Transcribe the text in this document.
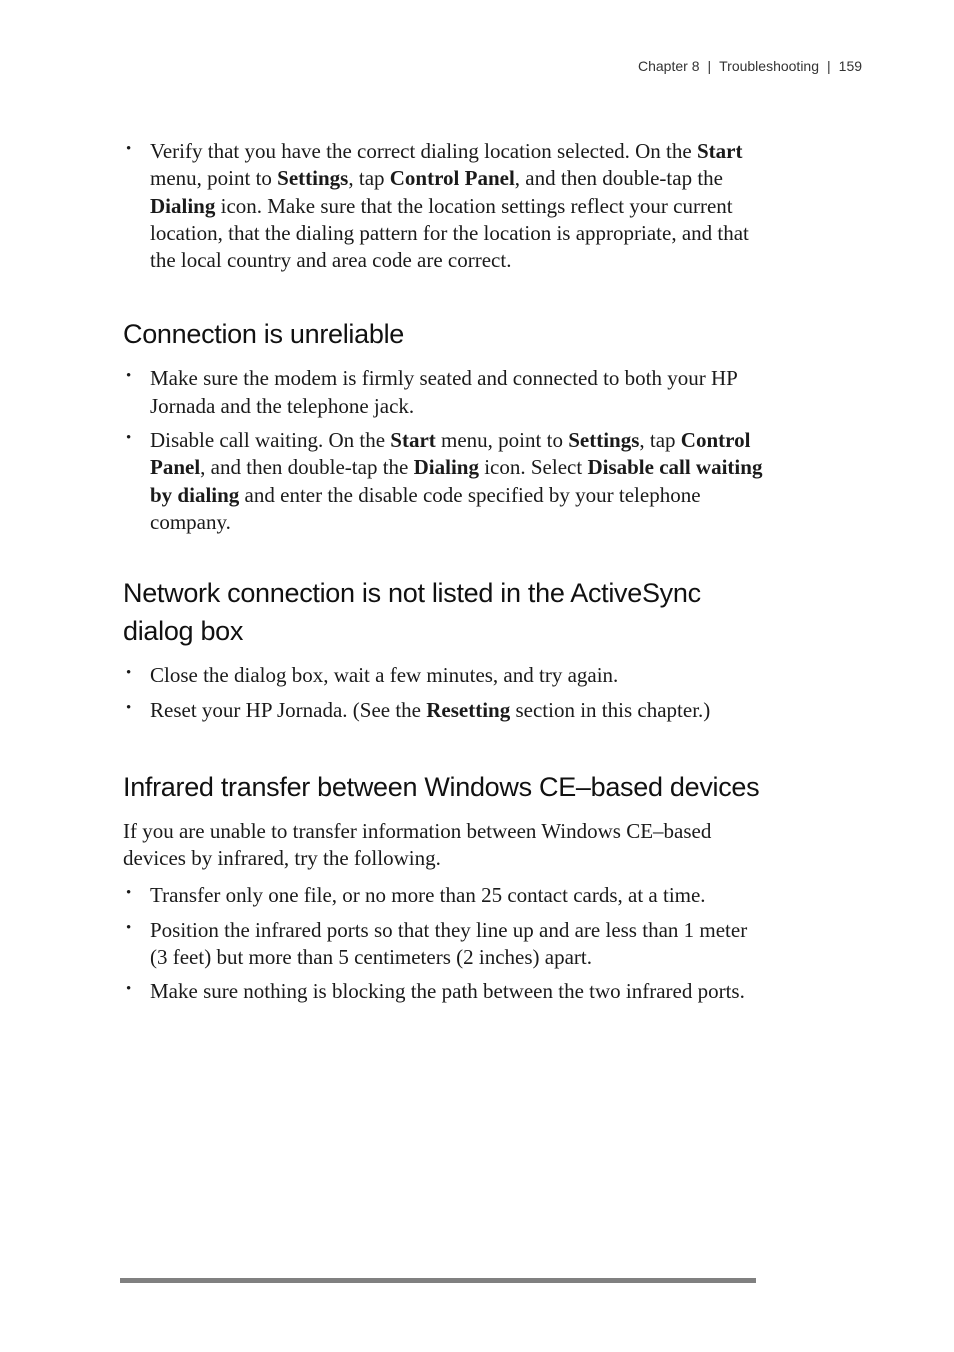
Chapter 8 | Troubleshooting | 159
• Verify that you have the correct dialing location selected. On the Start menu, point to Settings, tap Control Panel, and then double-tap the Dialing icon. Make sure that the location settings reflect your current location, that the dialing pattern for the location is appropriate, and that the local country and area code are correct.
Connection is unreliable
• Make sure the modem is firmly seated and connected to both your HP Jornada and the telephone jack.
• Disable call waiting. On the Start menu, point to Settings, tap Control Panel, and then double-tap the Dialing icon. Select Disable call waiting by dialing and enter the disable code specified by your telephone company.
Network connection is not listed in the ActiveSync dialog box
• Close the dialog box, wait a few minutes, and try again.
• Reset your HP Jornada. (See the Resetting section in this chapter.)
Infrared transfer between Windows CE–based devices

If you are unable to transfer information between Windows CE–based devices by infrared, try the following.

• Transfer only one file, or no more than 25 contact cards, at a time.
• Position the infrared ports so that they line up and are less than 1 meter (3 feet) but more than 5 centimeters (2 inches) apart.
• Make sure nothing is blocking the path between the two infrared ports.
